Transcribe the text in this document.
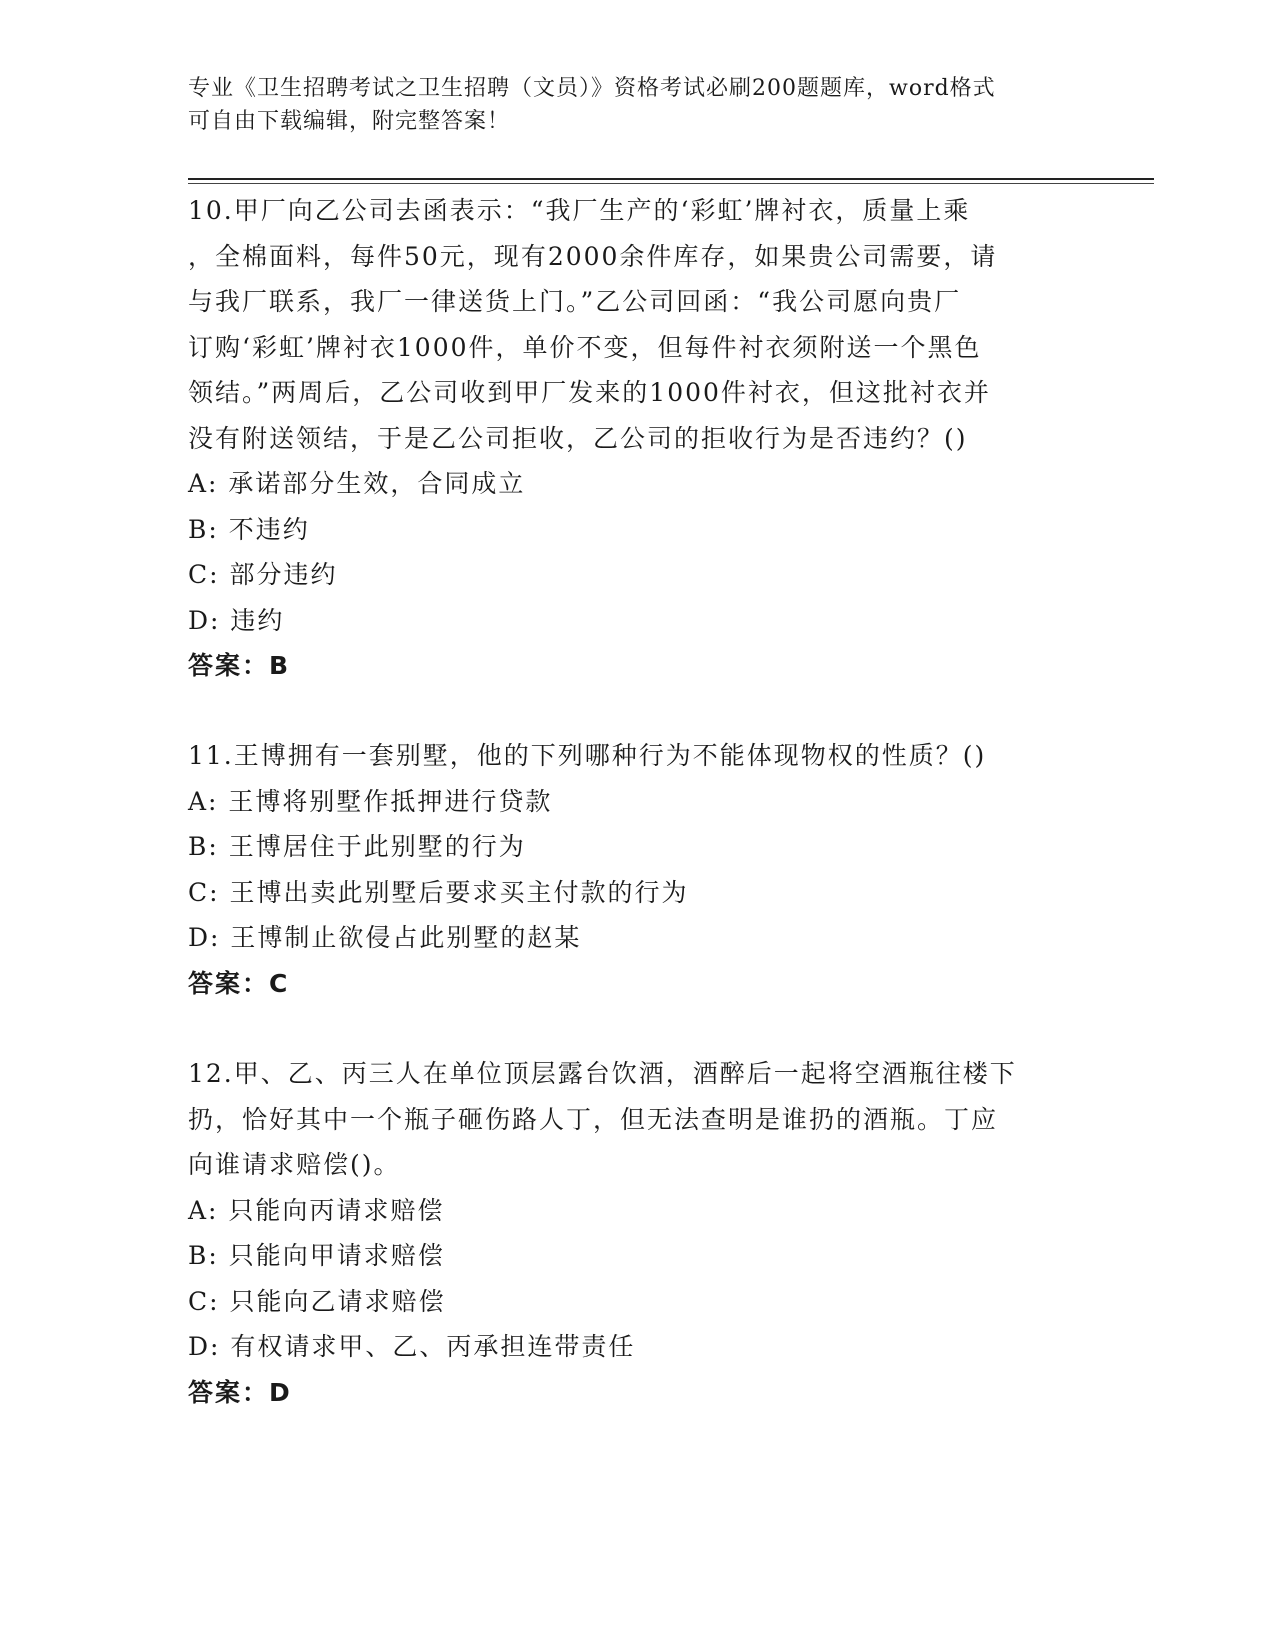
专业《卫生招聘考试之卫生招聘（文员）》资格考试必刷200题题库，word格式
可自由下载编辑，附完整答案！
10.甲厂向乙公司去函表示：“我厂生产的‘彩虹’牌衬衣，质量上乘
，全棉面料，每件50元，现有2000余件库存，如果贵公司需要，请
与我厂联系，我厂一律送货上门。”乙公司回函：“我公司愿向贵厂
订购‘彩虹’牌衬衣1000件，单价不变，但每件衬衣须附送一个黑色
领结。”两周后，乙公司收到甲厂发来的1000件衬衣，但这批衬衣并
没有附送领结，于是乙公司拒收，乙公司的拒收行为是否违约？()
A: 承诺部分生效，合同成立
B: 不违约
C: 部分违约
D: 违约
答案：B
11.王博拥有一套别墅，他的下列哪种行为不能体现物权的性质？()
A: 王博将别墅作抵押进行贷款
B: 王博居住于此别墅的行为
C: 王博出卖此别墅后要求买主付款的行为
D: 王博制止欲侵占此别墅的赵某
答案：C
12.甲、乙、丙三人在单位顶层露台饮酒，酒醉后一起将空酒瓶往楼下
扔，恰好其中一个瓶子砸伤路人丁，但无法查明是谁扔的酒瓶。丁应
向谁请求赔偿()。
A: 只能向丙请求赔偿
B: 只能向甲请求赔偿
C: 只能向乙请求赔偿
D: 有权请求甲、乙、丙承担连带责任
答案：D
